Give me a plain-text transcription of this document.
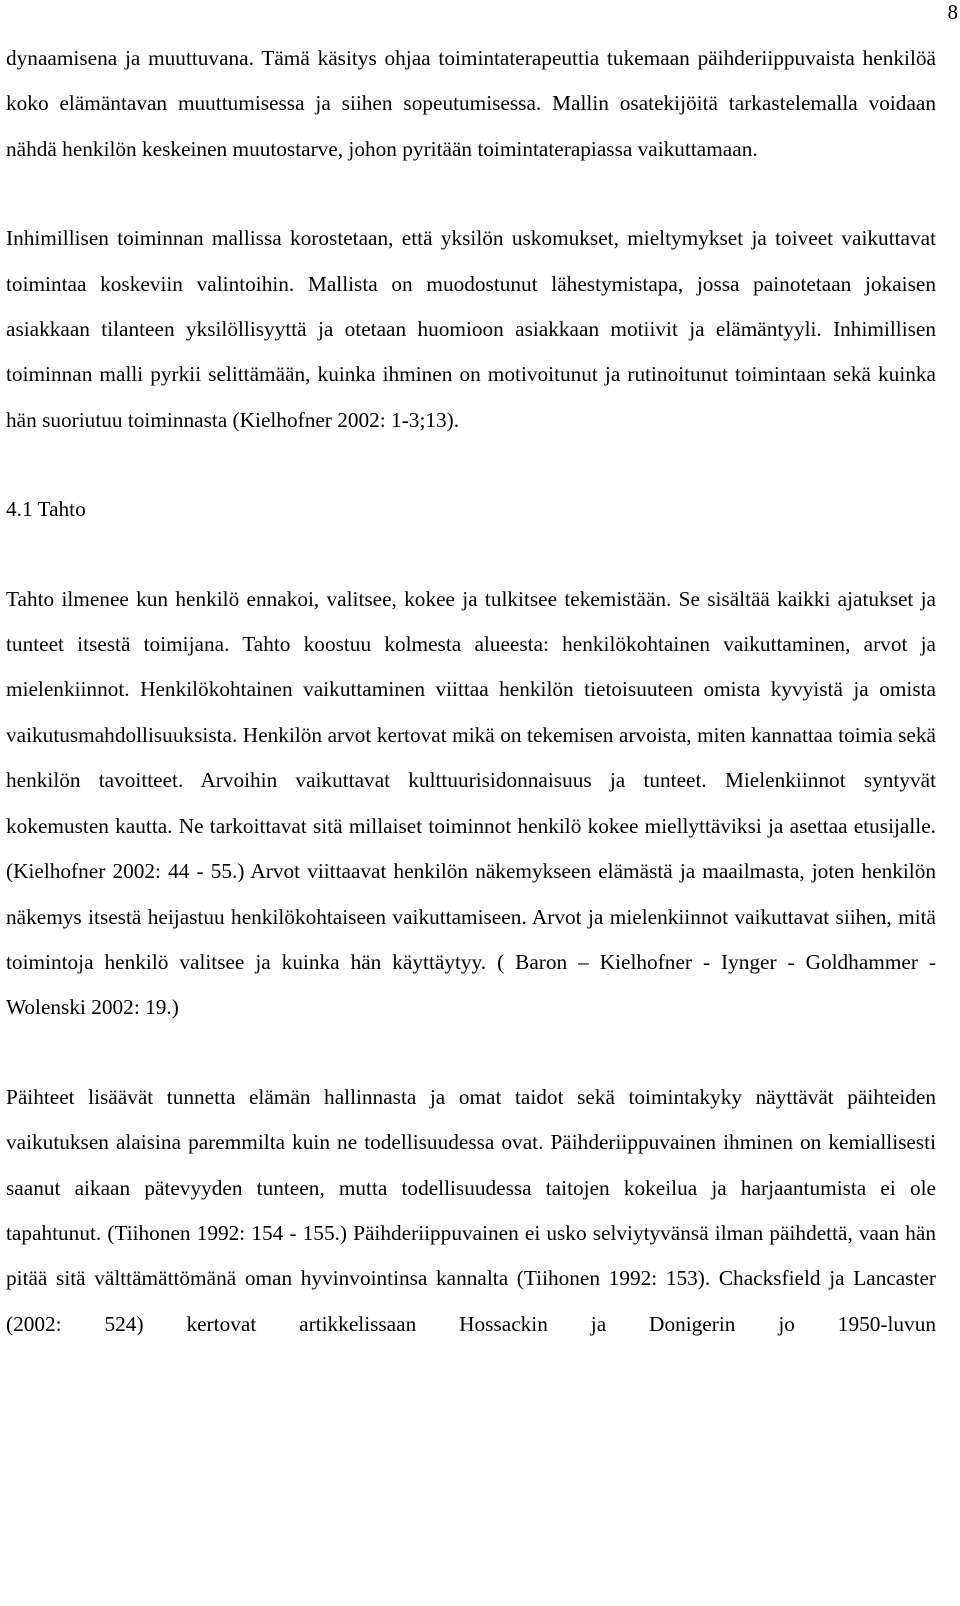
8

dynaamisena ja muuttuvana. Tämä käsitys ohjaa toimintaterapeuttia tukemaan päihderiippuvaista henkilöä koko elämäntavan muuttumisessa ja siihen sopeutumisessa. Mallin osatekijöitä tarkastelemalla voidaan nähdä henkilön keskeinen muutostarve, johon pyritään toimintaterapiassa vaikuttamaan.

Inhimillisen toiminnan mallissa korostetaan, että yksilön uskomukset, mieltymykset ja toiveet vaikuttavat toimintaa koskeviin valintoihin. Mallista on muodostunut lähestymistapa, jossa painotetaan jokaisen asiakkaan tilanteen yksilöllisyyttä ja otetaan huomioon asiakkaan motiivit ja elämäntyyli. Inhimillisen toiminnan malli pyrkii selittämään, kuinka ihminen on motivoitunut ja rutinoitunut toimintaan sekä kuinka hän suoriutuu toiminnasta (Kielhofner 2002: 1-3;13).

4.1 Tahto

Tahto ilmenee kun henkilö ennakoi, valitsee, kokee ja tulkitsee tekemistään. Se sisältää kaikki ajatukset ja tunteet itsestä toimijana. Tahto koostuu kolmesta alueesta: henkilökohtainen vaikuttaminen, arvot ja mielenkiinnot. Henkilökohtainen vaikuttaminen viittaa henkilön tietoisuuteen omista kyvyistä ja omista vaikutusmahdollisuuksista. Henkilön arvot kertovat mikä on tekemisen arvoista, miten kannattaa toimia sekä henkilön tavoitteet. Arvoihin vaikuttavat kulttuurisidonnaisuus ja tunteet. Mielenkiinnot syntyvät kokemusten kautta. Ne tarkoittavat sitä millaiset toiminnot henkilö kokee miellyttäviksi ja asettaa etusijalle. (Kielhofner 2002: 44 - 55.) Arvot viittaavat henkilön näkemykseen elämästä ja maailmasta, joten henkilön näkemys itsestä heijastuu henkilökohtaiseen vaikuttamiseen. Arvot ja mielenkiinnot vaikuttavat siihen, mitä toimintoja henkilö valitsee ja kuinka hän käyttäytyy. ( Baron – Kielhofner - Iynger - Goldhammer - Wolenski 2002: 19.)

Päihteet lisäävät tunnetta elämän hallinnasta ja omat taidot sekä toimintakyky näyttävät päihteiden vaikutuksen alaisina paremmilta kuin ne todellisuudessa ovat. Päihderiippuvainen ihminen on kemiallisesti saanut aikaan pätevyyden tunteen, mutta todellisuudessa taitojen kokeilua ja harjaantumista ei ole tapahtunut. (Tiihonen 1992: 154 - 155.) Päihderiippuvainen ei usko selviytyvänsä ilman päihdettä, vaan hän pitää sitä välttämättömänä oman hyvinvointinsa kannalta (Tiihonen 1992: 153). Chacksfield ja Lancaster (2002: 524) kertovat artikkelissaan Hossackin ja Donigerin jo 1950-luvun
